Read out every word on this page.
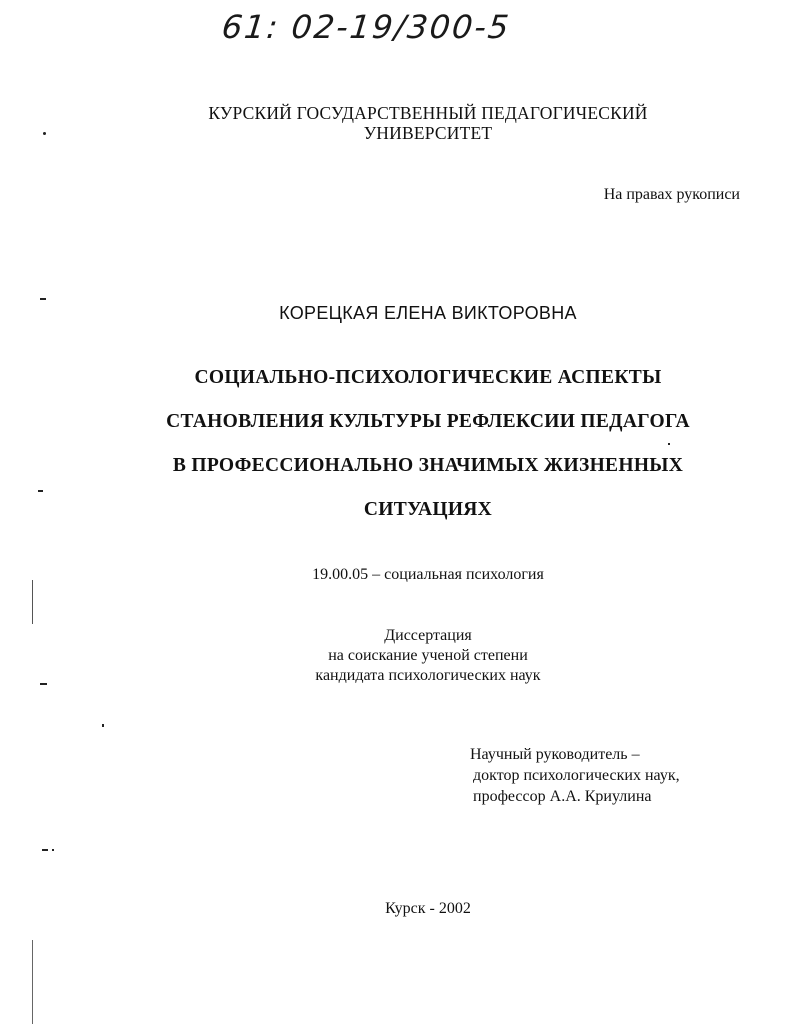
61: 02-19/300-5
КУРСКИЙ ГОСУДАРСТВЕННЫЙ ПЕДАГОГИЧЕСКИЙ
УНИВЕРСИТЕТ
На правах рукописи
КОРЕЦКАЯ ЕЛЕНА ВИКТОРОВНА
СОЦИАЛЬНО-ПСИХОЛОГИЧЕСКИЕ АСПЕКТЫ
СТАНОВЛЕНИЯ КУЛЬТУРЫ РЕФЛЕКСИИ ПЕДАГОГА
В ПРОФЕССИОНАЛЬНО ЗНАЧИМЫХ ЖИЗНЕННЫХ
СИТУАЦИЯХ
19.00.05 – социальная психология
Диссертация
на соискание ученой степени
кандидата психологических наук
Научный руководитель –
доктор психологических наук,
профессор А.А. Криулина
Курск - 2002
